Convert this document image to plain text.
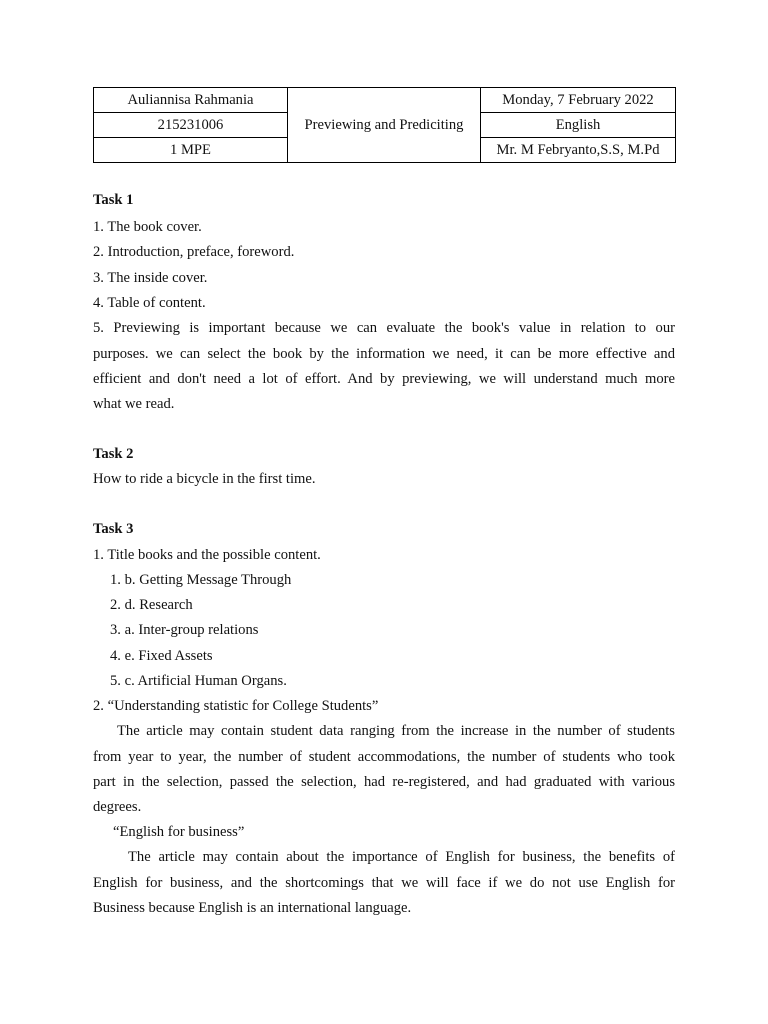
Auliannisa Rahmania	Previewing and Prediciting	Monday, 7 February 2022
215231006		English
1 MPE		Mr. M Febryanto,S.S, M.Pd
Task 1
1. The book cover.
2. Introduction, preface, foreword.
3. The inside cover.
4. Table of content.
5. Previewing is important because we can evaluate the book's value in relation to our
purposes. we can select the book by the information we need, it can be more effective and
efficient and don't need a lot of effort. And by previewing, we will understand much more
what we read.
Task 2
How to ride a bicycle in the first time.
Task 3
1. Title books and the possible content.
1. b. Getting Message Through
2. d. Research
3. a. Inter-group relations
4. e. Fixed Assets
5. c. Artificial Human Organs.
2. “Understanding statistic for College Students”
The article may contain student data ranging from the increase in the number of students
from year to year, the number of student accommodations, the number of students who took
part in the selection, passed the selection, had re-registered, and had graduated with various
degrees.
“English for business”
The article may contain about the importance of English for business, the benefits of
English for business, and the shortcomings that we will face if we do not use English for
Business because English is an international language.
